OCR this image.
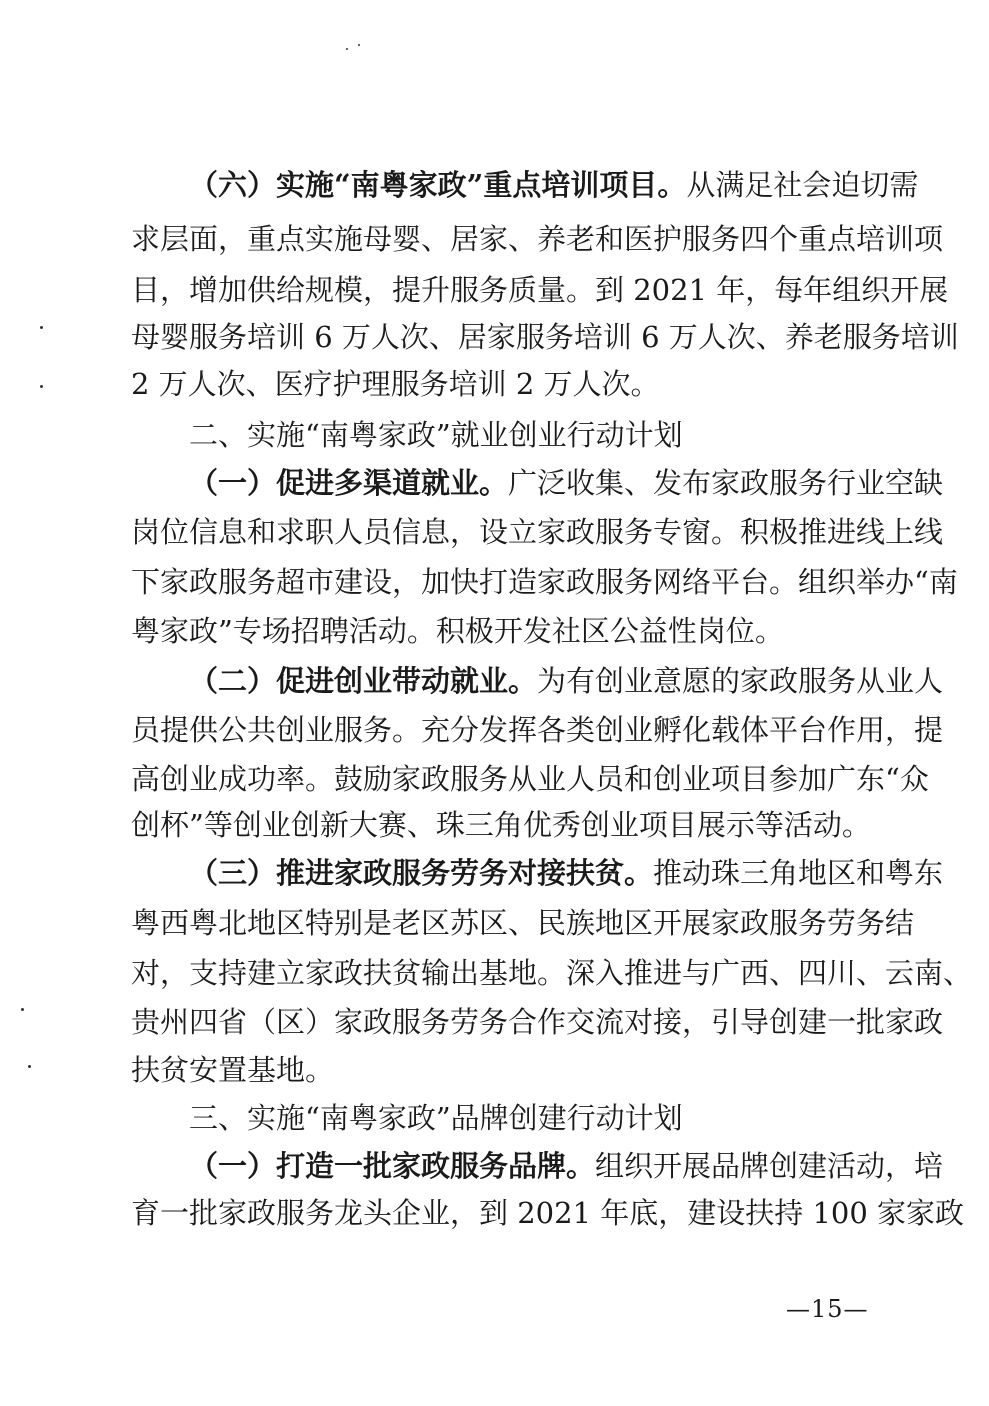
（六）实施“南粤家政”重点培训项目。从满足社会迫切需
求层面，重点实施母婴、居家、养老和医护服务四个重点培训项
目，增加供给规模，提升服务质量。到 2021 年，每年组织开展
母婴服务培训 6 万人次、居家服务培训 6 万人次、养老服务培训
2 万人次、医疗护理服务培训 2 万人次。
二、实施“南粤家政”就业创业行动计划
（一）促进多渠道就业。广泛收集、发布家政服务行业空缺
岗位信息和求职人员信息，设立家政服务专窗。积极推进线上线
下家政服务超市建设，加快打造家政服务网络平台。组织举办“南
粤家政”专场招聘活动。积极开发社区公益性岗位。
（二）促进创业带动就业。为有创业意愿的家政服务从业人
员提供公共创业服务。充分发挥各类创业孵化载体平台作用，提
高创业成功率。鼓励家政服务从业人员和创业项目参加广东“众
创杯”等创业创新大赛、珠三角优秀创业项目展示等活动。
（三）推进家政服务劳务对接扶贫。推动珠三角地区和粤东
粤西粤北地区特别是老区苏区、民族地区开展家政服务劳务结
对，支持建立家政扶贫输出基地。深入推进与广西、四川、云南、
贵州四省（区）家政服务劳务合作交流对接，引导创建一批家政
扶贫安置基地。
三、实施“南粤家政”品牌创建行动计划
（一）打造一批家政服务品牌。组织开展品牌创建活动，培
育一批家政服务龙头企业，到 2021 年底，建设扶持 100 家家政
—15—
